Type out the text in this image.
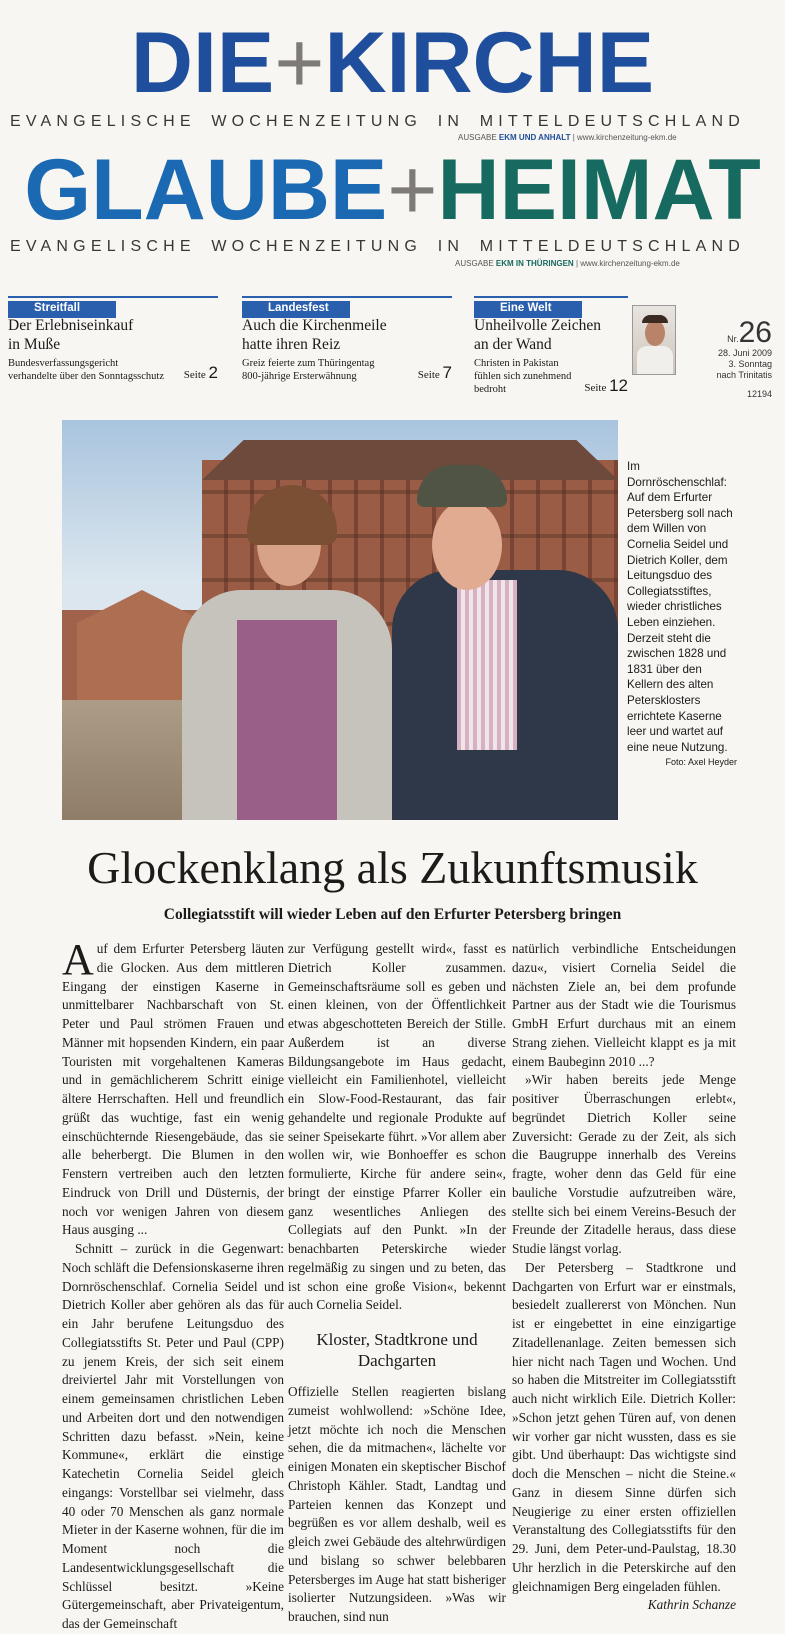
DIE+KIRCHE
EVANGELISCHE WOCHENZEITUNG IN MITTELDEUTSCHLAND
AUSGABE EKM UND ANHALT | www.kirchenzeitung-ekm.de
GLAUBE+HEIMAT
EVANGELISCHE WOCHENZEITUNG IN MITTELDEUTSCHLAND
AUSGABE EKM IN THÜRINGEN | www.kirchenzeitung-ekm.de
Streitfall
Der Erlebniseinkauf in Muße
Bundesverfassungsgericht verhandelte über den Sonntagsschutz	Seite 2
Landesfest
Auch die Kirchenmeile hatte ihren Reiz
Greiz feierte zum Thüringentag 800-jährige Ersterwähnung	Seite 7
Eine Welt
Unheilvolle Zeichen an der Wand
Christen in Pakistan fühlen sich zunehmend bedroht	Seite 12
Nr.26
28. Juni 2009
3. Sonntag
nach Trinitatis
12194
Im Dornröschenschlaf: Auf dem Erfurter Petersberg soll nach dem Willen von Cornelia Seidel und Dietrich Koller, dem Leitungsduo des Collegiatsstiftes, wieder christliches Leben einziehen. Derzeit steht die zwischen 1828 und 1831 über den Kellern des alten Petersklosters errichtete Kaserne leer und wartet auf eine neue Nutzung.
Foto: Axel Heyder
Glockenklang als Zukunftsmusik
Collegiatsstift will wieder Leben auf den Erfurter Petersberg bringen

Auf dem Erfurter Petersberg läuten die Glocken. Aus dem mittleren Eingang der einstigen Kaserne in unmittelbarer Nachbarschaft von St. Peter und Paul strömen Frauen und Männer mit hopsenden Kindern, ein paar Touristen mit vorgehaltenen Kameras und in gemächlicherem Schritt einige ältere Herrschaften. Hell und freundlich grüßt das wuchtige, fast ein wenig einschüchternde Riesengebäude, das sie alle beherbergt. Die Blumen in den Fenstern vertreiben auch den letzten Eindruck von Drill und Düsternis, der noch vor wenigen Jahren von diesem Haus ausging ...

Schnitt – zurück in die Gegenwart: Noch schläft die Defensionskaserne ihren Dornröschenschlaf. Cornelia Seidel und Dietrich Koller aber gehören als das für ein Jahr berufene Leitungsduo des Collegiatsstifts St. Peter und Paul (CPP) zu jenem Kreis, der sich seit einem dreiviertel Jahr mit Vorstellungen von einem gemeinsamen christlichen Leben und Arbeiten dort und den notwendigen Schritten dazu befasst. »Nein, keine Kommune«, erklärt die einstige Katechetin Cornelia Seidel gleich eingangs: Vorstellbar sei vielmehr, dass 40 oder 70 Menschen als ganz normale Mieter in der Kaserne wohnen, für die im Moment noch die Landesentwicklungsgesellschaft die Schlüssel besitzt. »Keine Gütergemeinschaft, aber Privateigentum, das der Gemeinschaft

zur Verfügung gestellt wird«, fasst es Dietrich Koller zusammen. Gemeinschaftsräume soll es geben und einen kleinen, von der Öffentlichkeit etwas abgeschotteten Bereich der Stille. Außerdem ist an diverse Bildungsangebote im Haus gedacht, vielleicht ein Familienhotel, vielleicht ein Slow-Food-Restaurant, das fair gehandelte und regionale Produkte auf seiner Speisekarte führt. »Vor allem aber wollen wir, wie Bonhoeffer es schon formulierte, Kirche für andere sein«, bringt der einstige Pfarrer Koller ein ganz wesentliches Anliegen des Collegiats auf den Punkt. »In der benachbarten Peterskirche wieder regelmäßig zu singen und zu beten, das ist schon eine große Vision«, bekennt auch Cornelia Seidel.

Kloster, Stadtkrone und Dachgarten

Offizielle Stellen reagierten bislang zumeist wohlwollend: »Schöne Idee, jetzt möchte ich noch die Menschen sehen, die da mitmachen«, lächelte vor einigen Monaten ein skeptischer Bischof Christoph Kähler. Stadt, Landtag und Parteien kennen das Konzept und begrüßen es vor allem deshalb, weil es gleich zwei Gebäude des altehrwürdigen und bislang so schwer belebbaren Petersberges im Auge hat statt bisheriger isolierter Nutzungsideen. »Was wir brauchen, sind nun

natürlich verbindliche Entscheidungen dazu«, visiert Cornelia Seidel die nächsten Ziele an, bei dem profunde Partner aus der Stadt wie die Tourismus GmbH Erfurt durchaus mit an einem Strang ziehen. Vielleicht klappt es ja mit einem Baubeginn 2010 ...?

»Wir haben bereits jede Menge positiver Überraschungen erlebt«, begründet Dietrich Koller seine Zuversicht: Gerade zu der Zeit, als sich die Baugruppe innerhalb des Vereins fragte, woher denn das Geld für eine bauliche Vorstudie aufzutreiben wäre, stellte sich bei einem Vereins-Besuch der Freunde der Zitadelle heraus, dass diese Studie längst vorlag.

Der Petersberg – Stadtkrone und Dachgarten von Erfurt war er einstmals, besiedelt zuallererst von Mönchen. Nun ist er eingebettet in eine einzigartige Zitadellenanlage. Zeiten bemessen sich hier nicht nach Tagen und Wochen. Und so haben die Mitstreiter im Collegiatsstift auch nicht wirklich Eile. Dietrich Koller: »Schon jetzt gehen Türen auf, von denen wir vorher gar nicht wussten, dass es sie gibt. Und überhaupt: Das wichtigste sind doch die Menschen – nicht die Steine.« Ganz in diesem Sinne dürfen sich Neugierige zu einer ersten offiziellen Veranstaltung des Collegiatsstifts für den 29. Juni, dem Peter-und-Paulstag, 18.30 Uhr herzlich in die Peterskirche auf den gleichnamigen Berg eingeladen fühlen.
Kathrin Schanze
